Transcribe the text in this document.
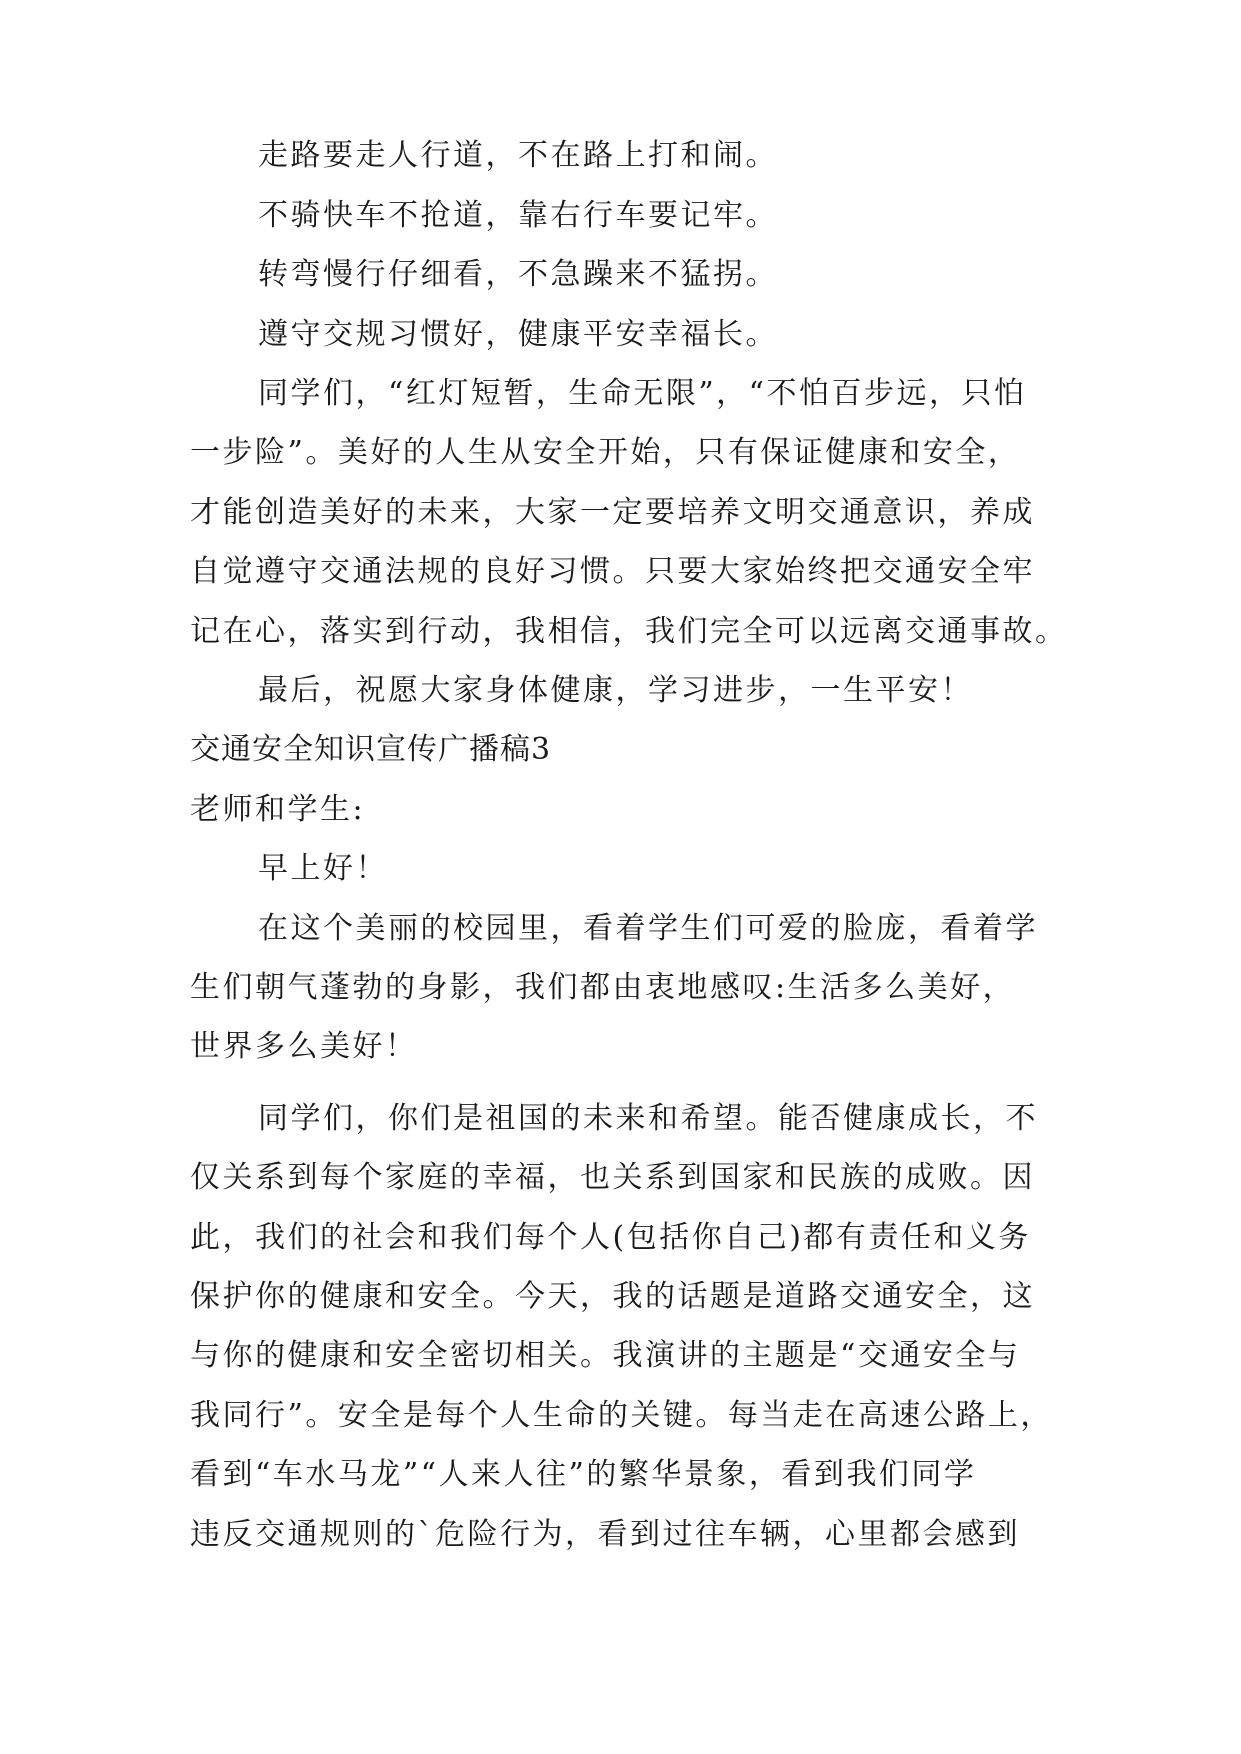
走路要走人行道，不在路上打和闹。
不骑快车不抢道，靠右行车要记牢。
转弯慢行仔细看，不急躁来不猛拐。
遵守交规习惯好，健康平安幸福长。
同学们，“红灯短暂，生命无限”，“不怕百步远，只怕
一步险”。美好的人生从安全开始，只有保证健康和安全，
才能创造美好的未来，大家一定要培养文明交通意识，养成
自觉遵守交通法规的良好习惯。只要大家始终把交通安全牢
记在心，落实到行动，我相信，我们完全可以远离交通事故。
最后，祝愿大家身体健康，学习进步，一生平安！
交通安全知识宣传广播稿3
老师和学生:
早上好！
在这个美丽的校园里，看着学生们可爱的脸庞，看着学
生们朝气蓬勃的身影，我们都由衷地感叹:生活多么美好，
世界多么美好！
同学们，你们是祖国的未来和希望。能否健康成长，不
仅关系到每个家庭的幸福，也关系到国家和民族的成败。因
此，我们的社会和我们每个人(包括你自己)都有责任和义务
保护你的健康和安全。今天，我的话题是道路交通安全，这
与你的健康和安全密切相关。我演讲的主题是“交通安全与
我同行”。安全是每个人生命的关键。每当走在高速公路上，
看到“车水马龙”“人来人往”的繁华景象，看到我们同学
违反交通规则的`危险行为，看到过往车辆，心里都会感到
